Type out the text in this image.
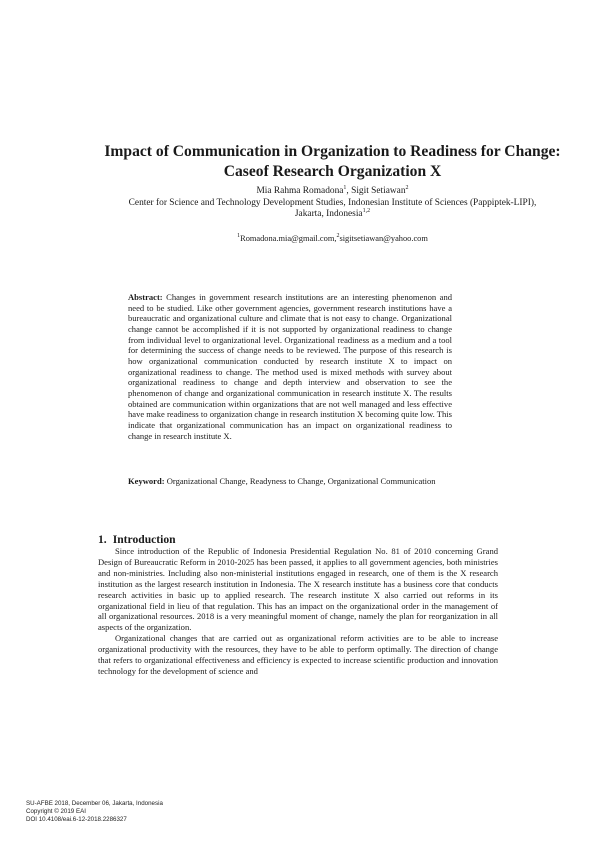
Impact of Communication in Organization to Readiness for Change: Caseof Research Organization X
Mia Rahma Romadona$^1$, Sigit Setiawan$^2$
Center for Science and Technology Development Studies, Indonesian Institute of Sciences (Pappiptek-LIPI),
Jakarta, Indonesia$^{1,2}$
$^1$Romadona.mia@gmail.com,$^2$sigitsetiawan@yahoo.com

Abstract: Changes in government research institutions are an interesting phenomenon and need to be studied. Like other government agencies, government research institutions have a bureaucratic and organizational culture and climate that is not easy to change. Organizational change cannot be accomplished if it is not supported by organizational readiness to change from individual level to organizational level. Organizational readiness as a medium and a tool for determining the success of change needs to be reviewed. The purpose of this research is how organizational communication conducted by research institute X to impact on organizational readiness to change. The method used is mixed methods with survey about organizational readiness to change and depth interview and observation to see the phenomenon of change and organizational communication in research institute X. The results obtained are communication within organizations that are not well managed and less effective have make readiness to organization change in research institution X becoming quite low. This indicate that organizational communication has an impact on organizational readiness to change in research institute X.

Keyword: Organizational Change, Readyness to Change, Organizational Communication

1. Introduction

Since introduction of the Republic of Indonesia Presidential Regulation No. 81 of 2010 concerning Grand Design of Bureaucratic Reform in 2010-2025 has been passed, it applies to all government agencies, both ministries and non-ministries. Including also non-ministerial institutions engaged in research, one of them is the X research institution as the largest research institution in Indonesia. The X research institute has a business core that conducts research activities in basic up to applied research. The research institute X also carried out reforms in its organizational field in lieu of that regulation. This has an impact on the organizational order in the management of all organizational resources. 2018 is a very meaningful moment of change, namely the plan for reorganization in all aspects of the organization.

Organizational changes that are carried out as organizational reform activities are to be able to increase organizational productivity with the resources, they have to be able to perform optimally. The direction of change that refers to organizational effectiveness and efficiency is expected to increase scientific production and innovation technology for the development of science and

SU-AFBE 2018, December 06, Jakarta, Indonesia
Copyright © 2019 EAI
DOI 10.4108/eai.6-12-2018.2286327
